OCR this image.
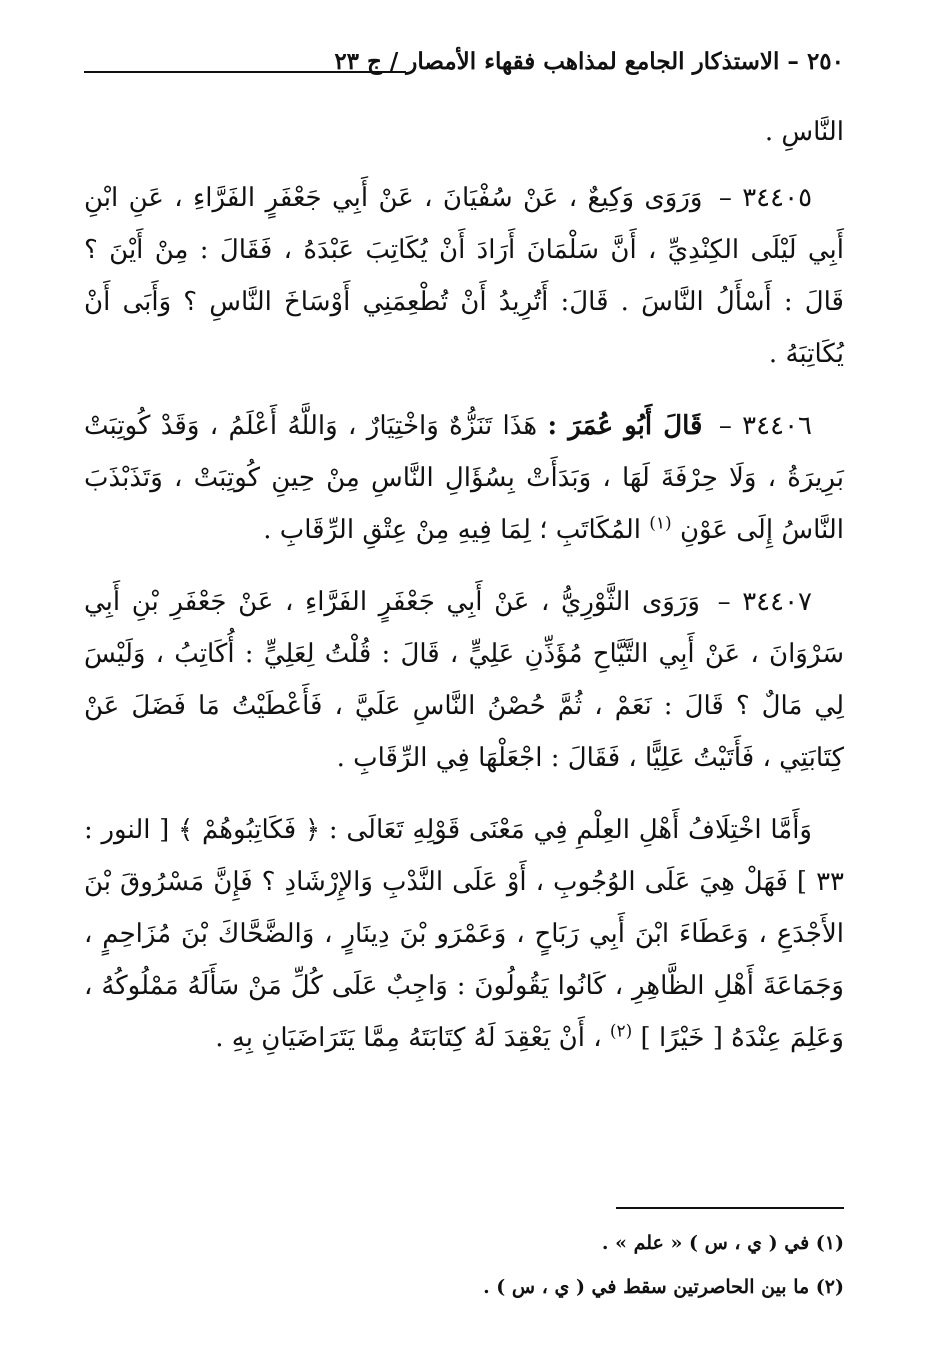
٢٥٠ – الاستذكار الجامع لمذاهب فقهاء الأمصار / ج ٢٣

النَّاسِ .

٣٤٤٠٥ – وَرَوَى وَكِيعٌ ، عَنْ سُفْيَانَ ، عَنْ أَبِي جَعْفَرٍ الفَرَّاءِ ، عَنِ ابْنِ أَبِي لَيْلَى الكِنْدِيِّ ، أَنَّ سَلْمَانَ أَرَادَ أَنْ يُكَاتِبَ عَبْدَهُ ، فَقَالَ : مِنْ أَيْنَ ؟ قَالَ : أَسْأَلُ النَّاسَ . قَالَ: أَتُرِيدُ أَنْ تُطْعِمَنِي أَوْسَاخَ النَّاسِ ؟ وَأَبَى أَنْ يُكَاتِبَهُ .

٣٤٤٠٦ – قَالَ أَبُو عُمَرَ : هَذَا تَنَزُّهٌ وَاخْتِيَارٌ ، وَاللَّهُ أَعْلَمُ ، وَقَدْ كُوتِبَتْ بَرِيرَةُ ، وَلَا حِرْفَةَ لَهَا ، وَبَدَأَتْ بِسُؤَالِ النَّاسِ مِنْ حِينِ كُوتِبَتْ ، وَتَذَبْذَبَ النَّاسُ إِلَى عَوْنِ $^{(١)}$ المُكَاتَبِ ؛ لِمَا فِيهِ مِنْ عِتْقِ الرِّقَابِ .

٣٤٤٠٧ – وَرَوَى الثَّوْرِيُّ ، عَنْ أَبِي جَعْفَرٍ الفَرَّاءِ ، عَنْ جَعْفَرِ بْنِ أَبِي سَرْوَانَ ، عَنْ أَبِي التَّيَّاحِ مُؤَذِّنِ عَلِيٍّ ، قَالَ : قُلْتُ لِعَلِيٍّ : أُكَاتِبُ ، وَلَيْسَ لِي مَالٌ ؟ قَالَ : نَعَمْ ، ثُمَّ حُصْنُ النَّاسِ عَلَيَّ ، فَأَعْطَيْتُ مَا فَضَلَ عَنْ كِتَابَتِي ، فَأَتَيْتُ عَلِيًّا ، فَقَالَ : اجْعَلْهَا فِي الرِّقَابِ .

وَأَمَّا اخْتِلَافُ أَهْلِ العِلْمِ فِي مَعْنَى قَوْلِهِ تَعَالَى : ﴿ فَكَاتِبُوهُمْ ﴾ [ النور : ٣٣ ] فَهَلْ هِيَ عَلَى الوُجُوبِ ، أَوْ عَلَى النَّدْبِ وَالإِرْشَادِ ؟ فَإِنَّ مَسْرُوقَ بْنَ الأَجْدَعِ ، وَعَطَاءَ ابْنَ أَبِي رَبَاحٍ ، وَعَمْرَو بْنَ دِينَارٍ ، وَالضَّحَّاكَ بْنَ مُزَاحِمٍ ، وَجَمَاعَةَ أَهْلِ الظَّاهِرِ ، كَانُوا يَقُولُونَ : وَاجِبٌ عَلَى كُلِّ مَنْ سَأَلَهُ مَمْلُوكُهُ ، وَعَلِمَ عِنْدَهُ [ خَيْرًا ] $^{(٢)}$ ، أَنْ يَعْقِدَ لَهُ كِتَابَتَهُ مِمَّا يَتَرَاضَيَانِ بِهِ .

(١) في ( ي ، س ) « علم » .

(٢) ما بين الحاصرتين سقط في ( ي ، س ) .
